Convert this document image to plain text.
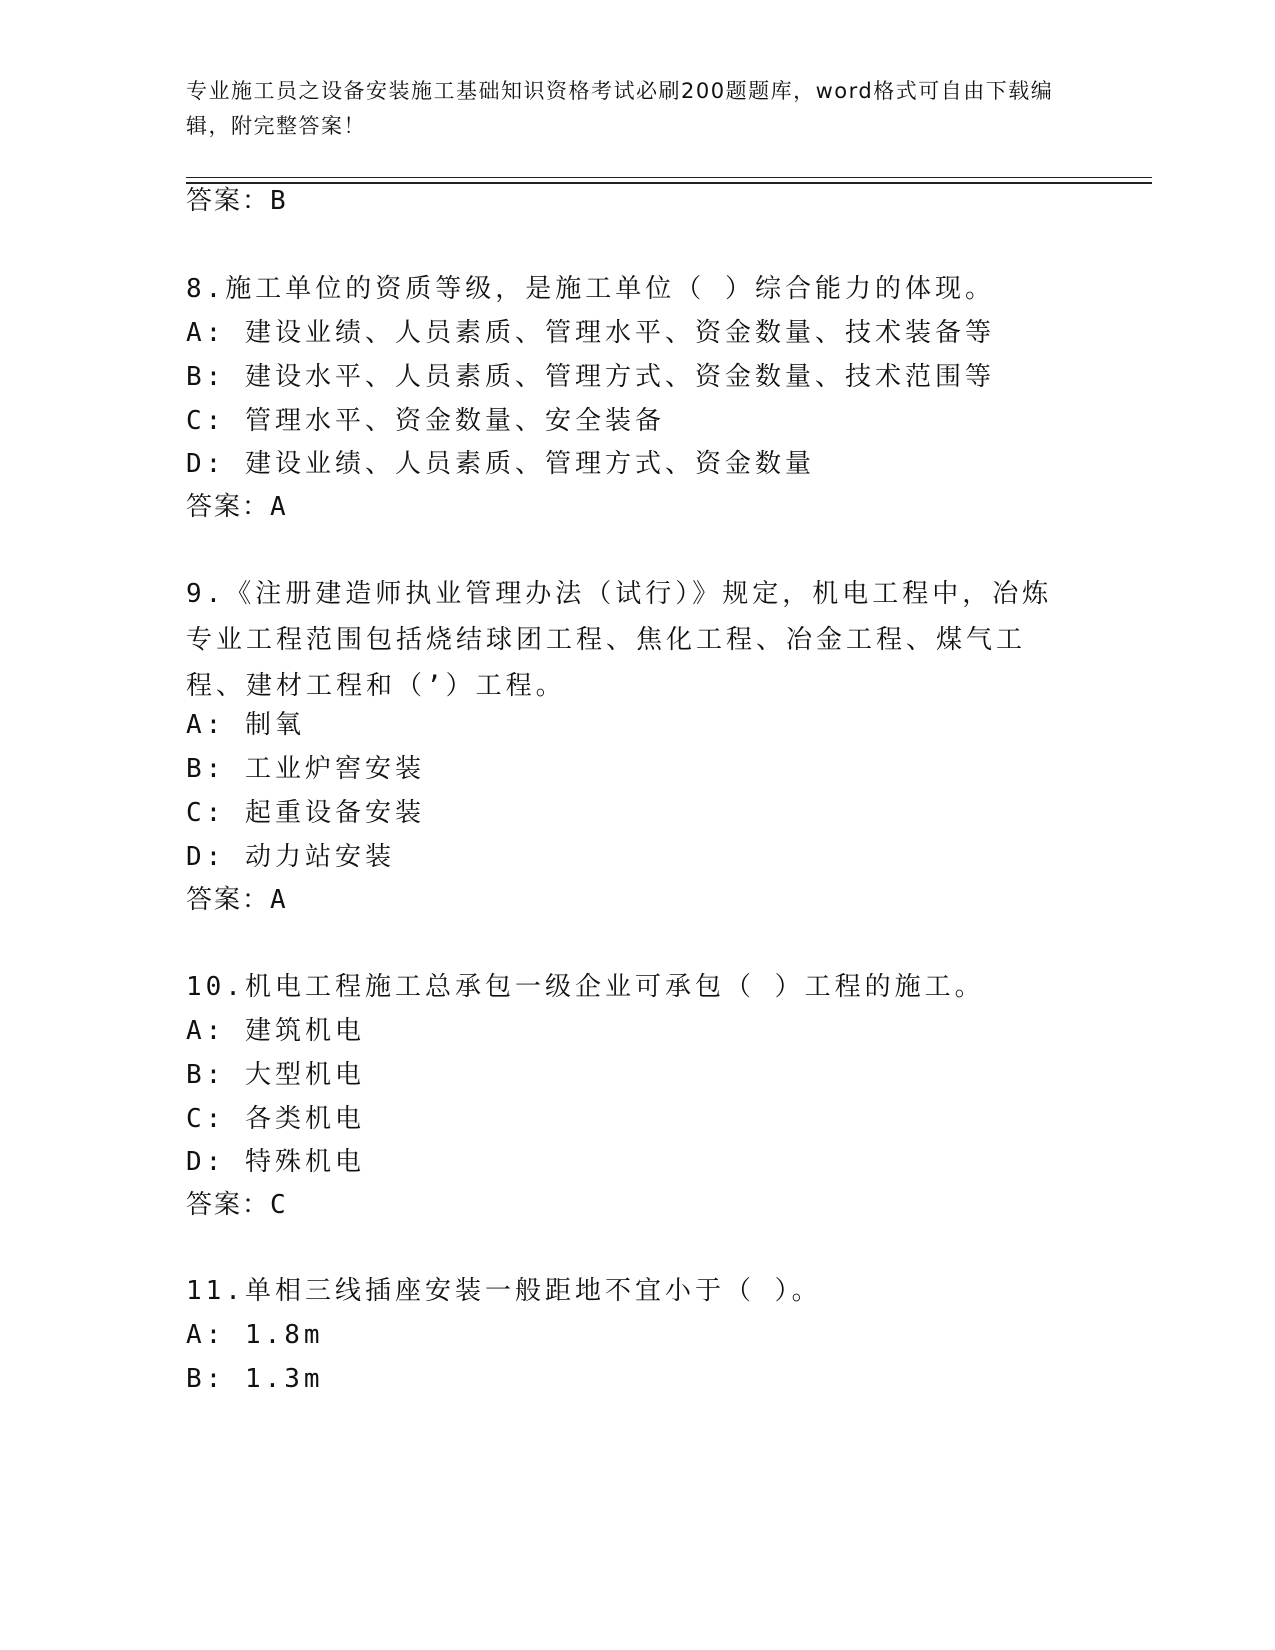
专业施工员之设备安装施工基础知识资格考试必刷200题题库，word格式可自由下载编辑，附完整答案！
答案：B
8.施工单位的资质等级，是施工单位（ ）综合能力的体现。
A: 建设业绩、人员素质、管理水平、资金数量、技术装备等
B: 建设水平、人员素质、管理方式、资金数量、技术范围等
C: 管理水平、资金数量、安全装备
D: 建设业绩、人员素质、管理方式、资金数量
答案：A
9.《注册建造师执业管理办法（试行）》规定，机电工程中，冶炼专业工程范围包括烧结球团工程、焦化工程、冶金工程、煤气工程、建材工程和（’）工程。
A: 制氧
B: 工业炉窖安装
C: 起重设备安装
D: 动力站安装
答案：A
10.机电工程施工总承包一级企业可承包（ ）工程的施工。
A: 建筑机电
B: 大型机电
C: 各类机电
D: 特殊机电
答案：C
11.单相三线插座安装一般距地不宜小于（ ）。
A: 1.8m
B: 1.3m
